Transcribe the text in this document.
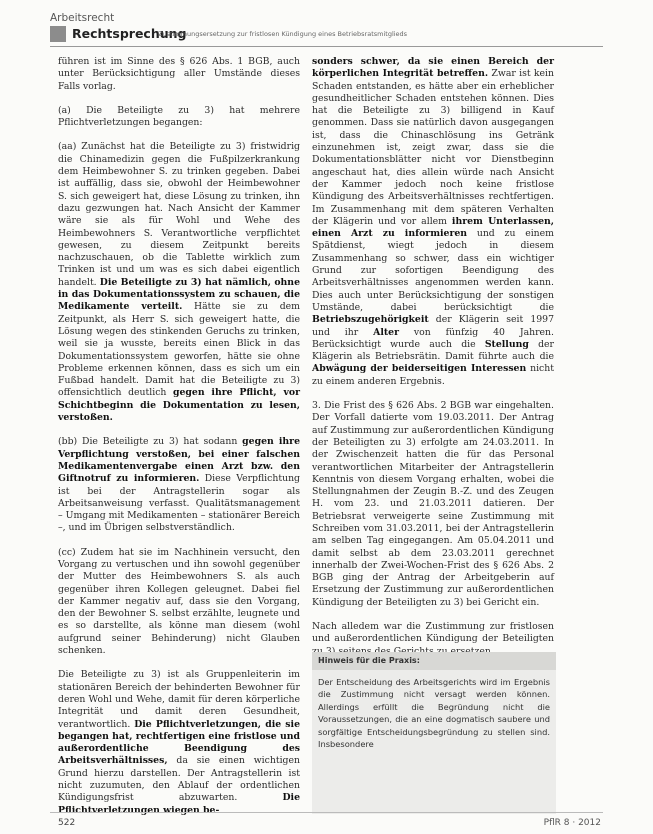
Arbeitsrecht
Rechtsprechung
Zustimmungsersetzung zur fristlosen Kündigung eines Betriebsratsmitglieds

führen ist im Sinne des § 626 Abs. 1 BGB, auch unter Berücksichtigung aller Umstände dieses Falls vorlag.

(a) Die Beteiligte zu 3) hat mehrere Pflichtverletzungen begangen:

(aa) Zunächst hat die Beteiligte zu 3) fristwidrig die Chinamedizin gegen die Fußpilzerkrankung dem Heimbewohner S. zu trinken gegeben. Dabei ist auffällig, dass sie, obwohl der Heimbewohner S. sich geweigert hat, diese Lösung zu trinken, ihn dazu gezwungen hat. Nach Ansicht der Kammer wäre sie als für Wohl und Wehe des Heimbewohners S. Verantwortliche verpflichtet gewesen, zu diesem Zeitpunkt bereits nachzuschauen, ob die Tablette wirklich zum Trinken ist und um was es sich dabei eigentlich handelt. Die Beteiligte zu 3) hat nämlich, ohne in das Dokumentationssystem zu schauen, die Medikamente verteilt. Hätte sie zu dem Zeitpunkt, als Herr S. sich geweigert hatte, die Lösung wegen des stinkenden Geruchs zu trinken, weil sie ja wusste, bereits einen Blick in das Dokumentationssystem geworfen, hätte sie ohne Probleme erkennen können, dass es sich um ein Fußbad handelt. Damit hat die Beteiligte zu 3) offensichtlich deutlich gegen ihre Pflicht, vor Schichtbeginn die Dokumentation zu lesen, verstoßen.

(bb) Die Beteiligte zu 3) hat sodann gegen ihre Verpflichtung verstoßen, bei einer falschen Medikamentenvergabe einen Arzt bzw. den Giftnotruf zu informieren. Diese Verpflichtung ist bei der Antragstellerin sogar als Arbeitsanweisung verfasst. Qualitätsmanagement – Umgang mit Medikamenten – stationärer Bereich –, und im Übrigen selbstverständlich.

(cc) Zudem hat sie im Nachhinein versucht, den Vorgang zu vertuschen und ihn sowohl gegenüber der Mutter des Heimbewohners S. als auch gegenüber ihren Kollegen geleugnet. Dabei fiel der Kammer negativ auf, dass sie den Vorgang, den der Bewohner S. selbst erzählte, leugnete und es so darstellte, als könne man diesem (wohl aufgrund seiner Behinderung) nicht Glauben schenken.

Die Beteiligte zu 3) ist als Gruppenleiterin im stationären Bereich der behinderten Bewohner für deren Wohl und Wehe, damit für deren körperliche Integrität und damit deren Gesundheit, verantwortlich. Die Pflichtverletzungen, die sie begangen hat, rechtfertigen eine fristlose und außerordentliche Beendigung des Arbeitsverhältnisses, da sie einen wichtigen Grund hierzu darstellen. Der Antragstellerin ist nicht zuzumuten, den Ablauf der ordentlichen Kündigungsfrist abzuwarten. Die Pflichtverletzungen wiegen be-

sonders schwer, da sie einen Bereich der körperlichen Integrität betreffen. Zwar ist kein Schaden entstanden, es hätte aber ein erheblicher gesundheitlicher Schaden entstehen können. Dies hat die Beteiligte zu 3) billigend in Kauf genommen. Dass sie natürlich davon ausgegangen ist, dass die Chinaschlösung ins Getränk einzunehmen ist, zeigt zwar, dass sie die Dokumentationsblätter nicht vor Dienstbeginn angeschaut hat, dies allein würde nach Ansicht der Kammer jedoch noch keine fristlose Kündigung des Arbeitsverhältnisses rechtfertigen. Im Zusammenhang mit dem späteren Verhalten der Klägerin und vor allem ihrem Unterlassen, einen Arzt zu informieren und zu einem Spätdienst, wiegt jedoch in diesem Zusammenhang so schwer, dass ein wichtiger Grund zur sofortigen Beendigung des Arbeitsverhältnisses angenommen werden kann. Dies auch unter Berücksichtigung der sonstigen Umstände, dabei berücksichtigt die Betriebszugehörigkeit der Klägerin seit 1997 und ihr Alter von fünfzig 40 Jahren. Berücksichtigt wurde auch die Stellung der Klägerin als Betriebsrätin. Damit führte auch die Abwägung der beiderseitigen Interessen nicht zu einem anderen Ergebnis.

3. Die Frist des § 626 Abs. 2 BGB war eingehalten. Der Vorfall datierte vom 19.03.2011. Der Antrag auf Zustimmung zur außerordentlichen Kündigung der Beteiligten zu 3) erfolgte am 24.03.2011. In der Zwischenzeit hatten die für das Personal verantwortlichen Mitarbeiter der Antragstellerin Kenntnis von diesem Vorgang erhalten, wobei die Stellungnahmen der Zeugin B.-Z. und des Zeugen H. vom 23. und 21.03.2011 datieren. Der Betriebsrat verweigerte seine Zustimmung mit Schreiben vom 31.03.2011, bei der Antragstellerin am selben Tag eingegangen. Am 05.04.2011 und damit selbst ab dem 23.03.2011 gerechnet innerhalb der Zwei-Wochen-Frist des § 626 Abs. 2 BGB ging der Antrag der Arbeitgeberin auf Ersetzung der Zustimmung zur außerordentlichen Kündigung der Beteiligten zu 3) bei Gericht ein.

Nach alledem war die Zustimmung zur fristlosen und außerordentlichen Kündigung der Beteiligten

Hinweis für die Praxis:
Der Entscheidung des Arbeitsgerichts wird im Ergebnis die Zustimmung nicht versagt werden können. Allerdings erfüllt die Begründung nicht die Voraussetzungen, die an eine dogmatisch saubere und sorgfältige Entscheidungsbegründung zu stellen sind. Insbesondere
522	PflR 8 · 2012
